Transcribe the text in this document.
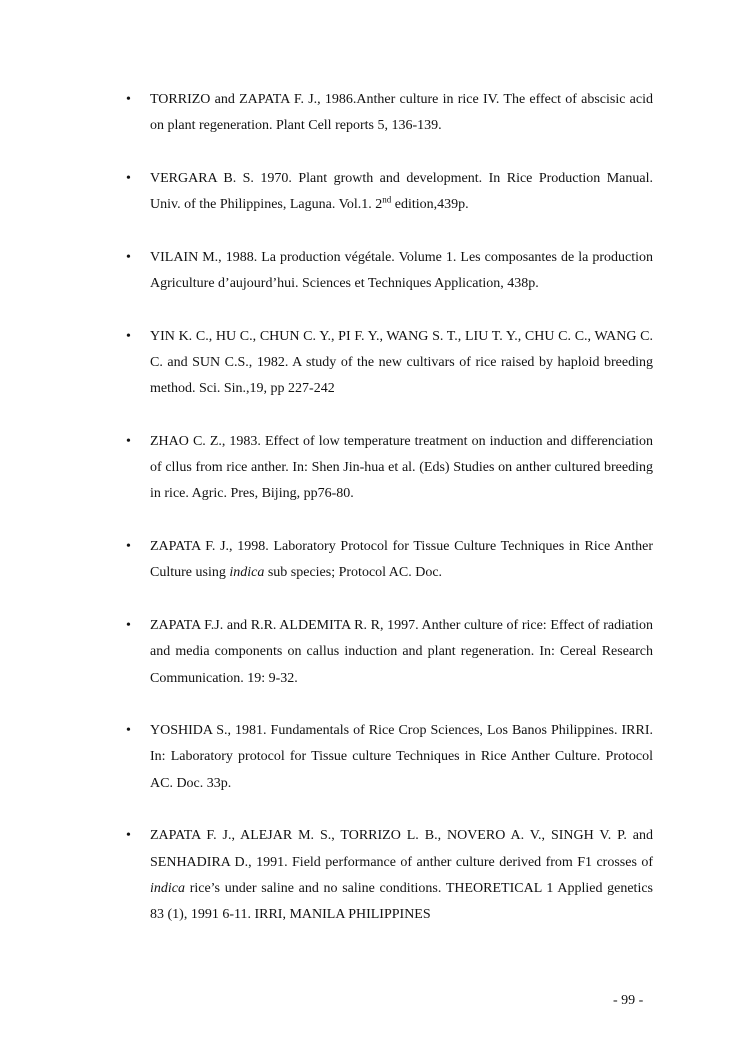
• TORRIZO and ZAPATA F. J., 1986.Anther culture in rice IV. The effect of abscisic acid on plant regeneration. Plant Cell reports 5, 136-139.
• VERGARA B. S. 1970. Plant growth and development. In Rice Production Manual. Univ. of the Philippines, Laguna. Vol.1. 2nd edition,439p.
• VILAIN M., 1988. La production végétale. Volume 1. Les composantes de la production Agriculture d’aujourd’hui. Sciences et Techniques Application, 438p.
• YIN K. C., HU C., CHUN C. Y., PI F. Y., WANG S. T., LIU T. Y., CHU C. C., WANG C. C. and SUN C.S., 1982. A study of the new cultivars of rice raised by haploid breeding method. Sci. Sin.,19, pp 227-242
• ZHAO C. Z., 1983. Effect of low temperature treatment on induction and differenciation of cllus from rice anther. In: Shen Jin-hua et al. (Eds) Studies on anther cultured breeding in rice. Agric. Pres, Bijing, pp76-80.
• ZAPATA F. J., 1998. Laboratory Protocol for Tissue Culture Techniques in Rice Anther Culture using indica sub species; Protocol AC. Doc.
• ZAPATA F.J. and R.R. ALDEMITA R. R, 1997. Anther culture of rice: Effect of radiation and media components on callus induction and plant regeneration. In: Cereal Research Communication. 19: 9-32.
• YOSHIDA S., 1981. Fundamentals of Rice Crop Sciences, Los Banos Philippines. IRRI. In: Laboratory protocol for Tissue culture Techniques in Rice Anther Culture. Protocol AC. Doc. 33p.
• ZAPATA F. J., ALEJAR M. S., TORRIZO L. B., NOVERO A. V., SINGH V. P. and SENHADIRA D., 1991. Field performance of anther culture derived from F1 crosses of indica rice’s under saline and no saline conditions. THEORETICAL 1 Applied genetics 83 (1), 1991 6-11. IRRI, MANILA PHILIPPINES
- 99 -
